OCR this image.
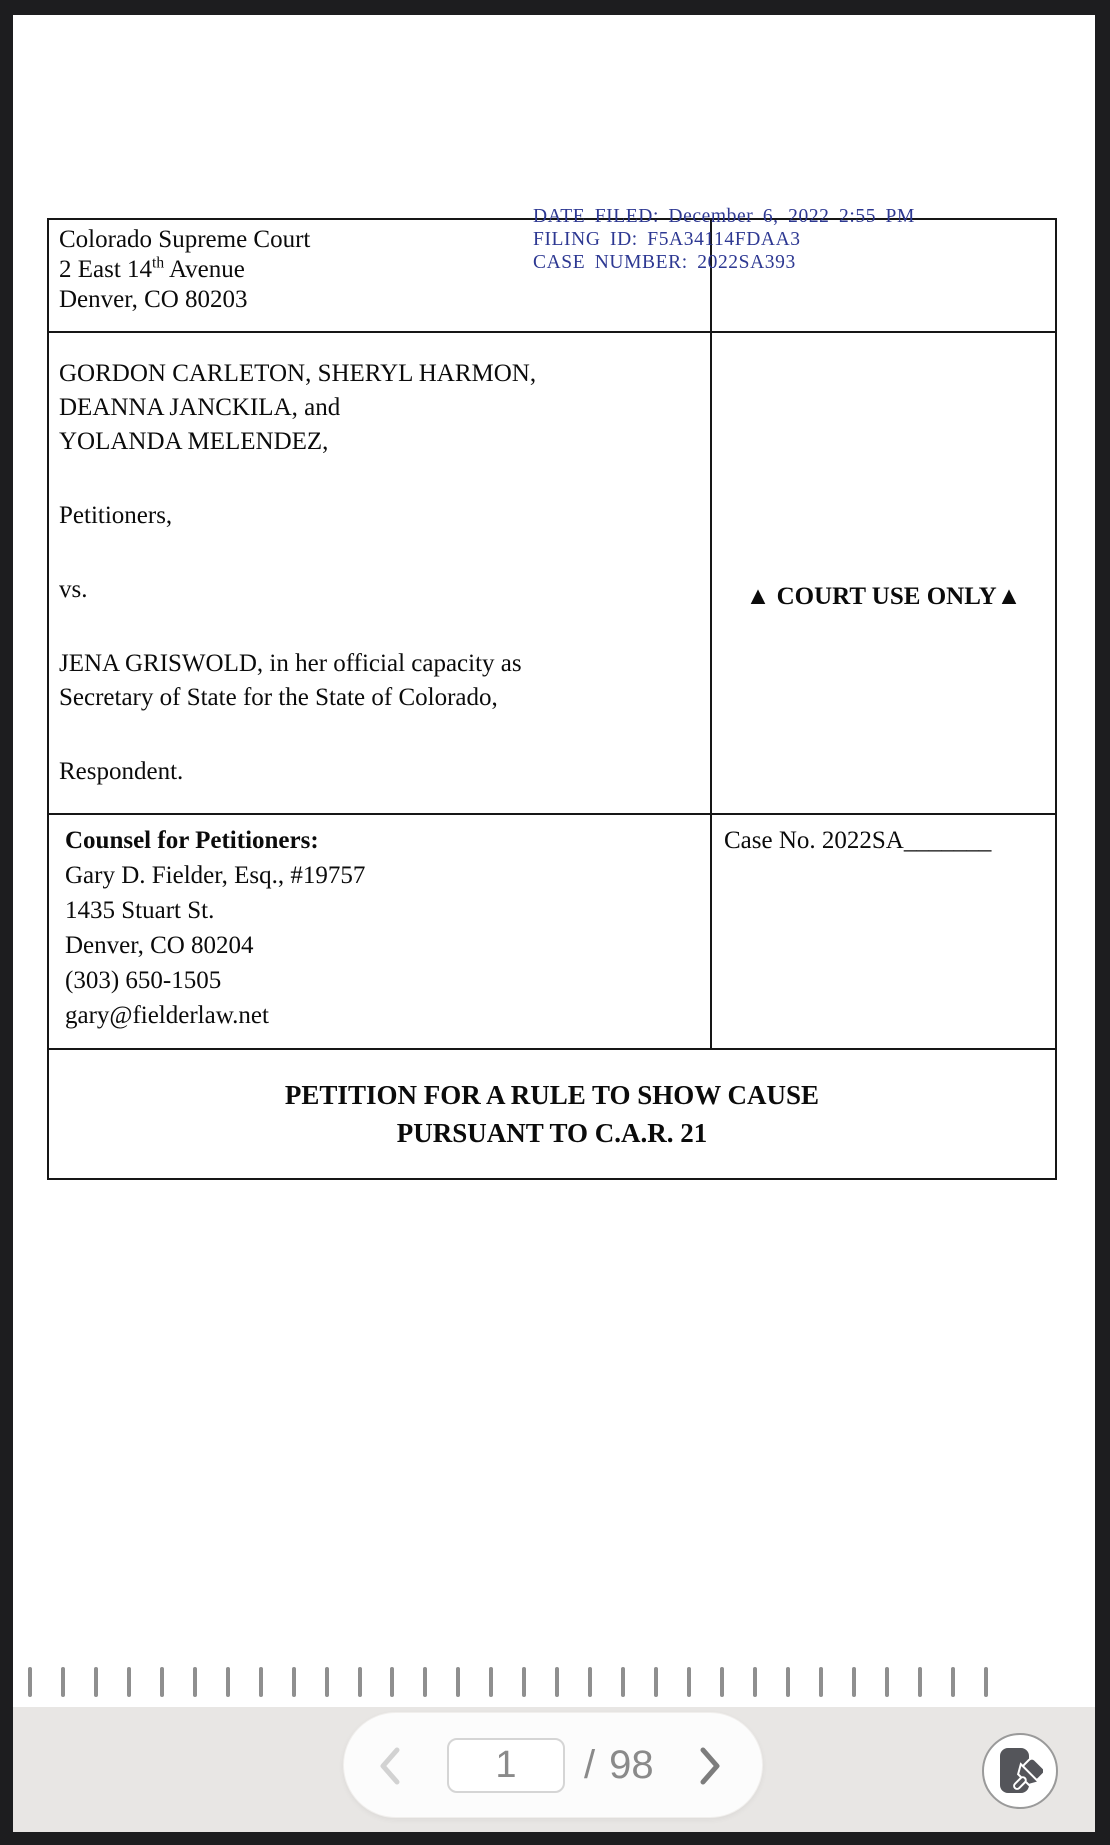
DATE FILED: December 6, 2022 2:55 PM
FILING ID: F5A34114FDAA3
CASE NUMBER: 2022SA393
Colorado Supreme Court
2 East 14th Avenue
Denver, CO 80203
GORDON CARLETON, SHERYL HARMON,
DEANNA JANCKILA, and
YOLANDA MELENDEZ,
Petitioners,
vs.
JENA GRISWOLD, in her official capacity as
Secretary of State for the State of Colorado,
Respondent.
▲ COURT USE ONLY▲
Counsel for Petitioners:
Gary D. Fielder, Esq., #19757
1435 Stuart St.
Denver, CO 80204
(303) 650-1505
gary@fielderlaw.net
Case No. 2022SA_______
PETITION FOR A RULE TO SHOW CAUSE
PURSUANT TO C.A.R. 21
1
/ 98
